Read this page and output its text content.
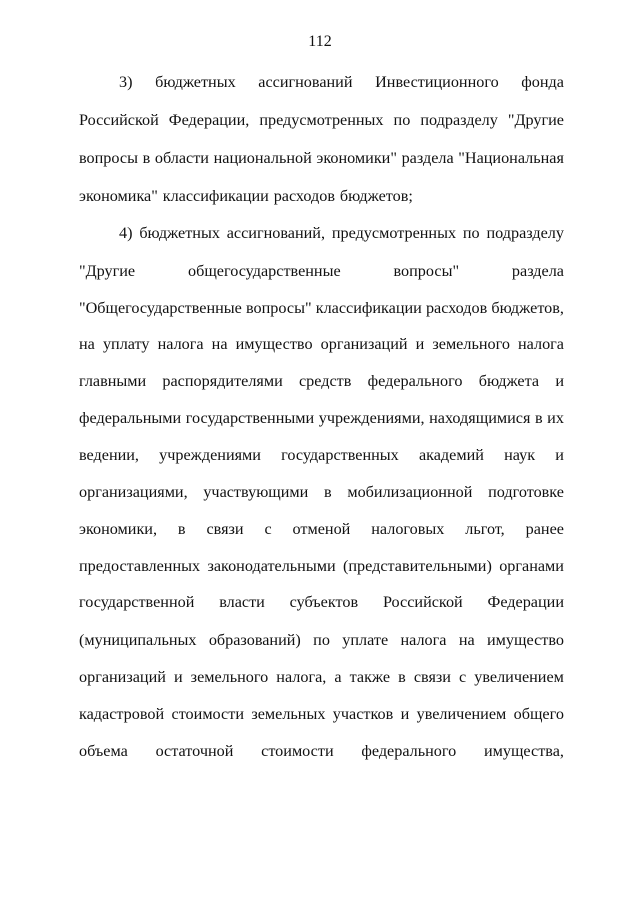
112
3) бюджетных ассигнований Инвестиционного фонда
Российской Федерации, предусмотренных по подразделу "Другие
вопросы в области национальной экономики" раздела "Национальная
экономика" классификации расходов бюджетов;
4) бюджетных ассигнований, предусмотренных по подразделу
"Другие	общегосударственные	вопросы"	раздела
"Общегосударственные вопросы" классификации расходов бюджетов,
на уплату налога на имущество организаций и земельного налога
главными распорядителями средств федерального бюджета и
федеральными государственными учреждениями, находящимися в их
ведении, учреждениями государственных академий наук и
организациями, участвующими в мобилизационной подготовке
экономики, в связи с отменой налоговых льгот, ранее
предоставленных законодательными (представительными) органами
государственной власти субъектов Российской Федерации
(муниципальных образований) по уплате налога на имущество
организаций и земельного налога, а также в связи с увеличением
кадастровой стоимости земельных участков и увеличением общего
объема остаточной стоимости федерального имущества,
